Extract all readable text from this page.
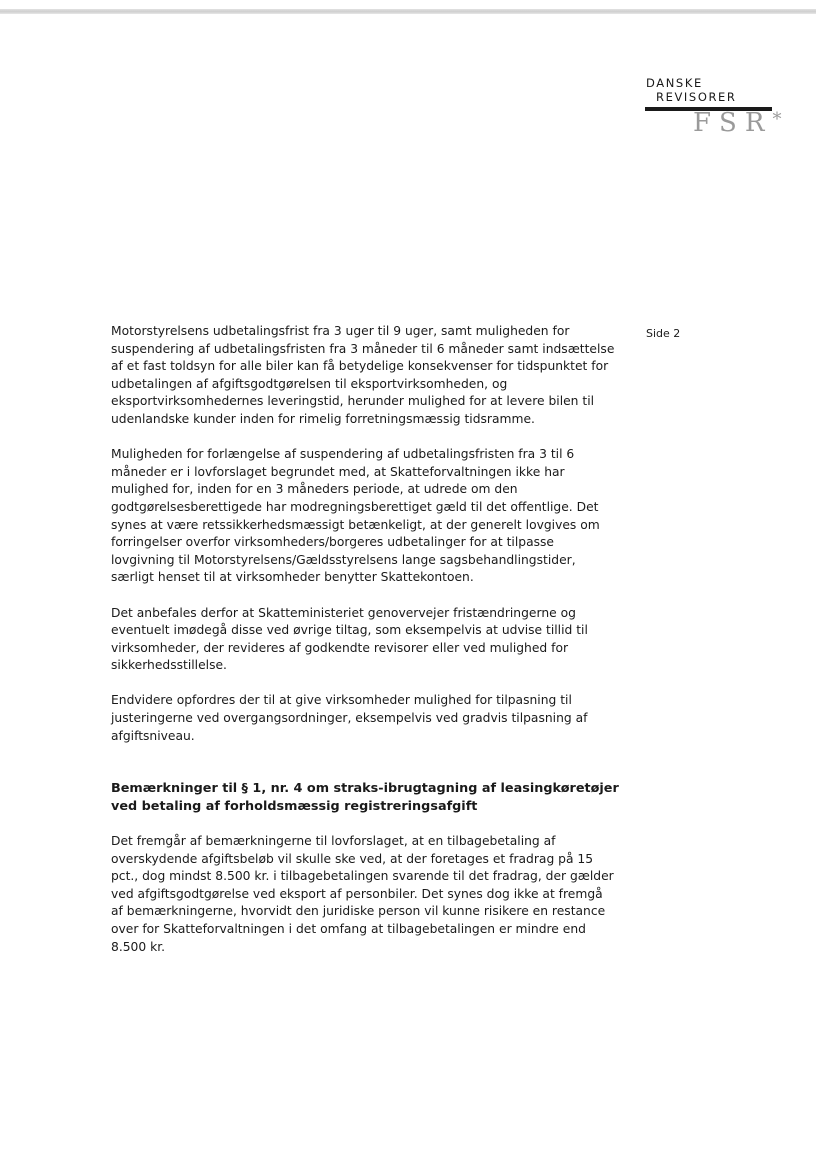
DANSKE
REVISORER
FSR*
Side 2
Motorstyrelsens udbetalingsfrist fra 3 uger til 9 uger, samt muligheden for
suspendering af udbetalingsfristen fra 3 måneder til 6 måneder samt indsættelse
af et fast toldsyn for alle biler kan få betydelige konsekvenser for tidspunktet for
udbetalingen af afgiftsgodtgørelsen til eksportvirksomheden, og
eksportvirksomhedernes leveringstid, herunder mulighed for at levere bilen til
udenlandske kunder inden for rimelig forretningsmæssig tidsramme.
Muligheden for forlængelse af suspendering af udbetalingsfristen fra 3 til 6
måneder er i lovforslaget begrundet med, at Skatteforvaltningen ikke har
mulighed for, inden for en 3 måneders periode, at udrede om den
godtgørelsesberettigede har modregningsberettiget gæld til det offentlige. Det
synes at være retssikkerhedsmæssigt betænkeligt, at der generelt lovgives om
forringelser overfor virksomheders/borgeres udbetalinger for at tilpasse
lovgivning til Motorstyrelsens/Gældsstyrelsens lange sagsbehandlingstider,
særligt henset til at virksomheder benytter Skattekontoen.
Det anbefales derfor at Skatteministeriet genovervejer fristændringerne og
eventuelt imødegå disse ved øvrige tiltag, som eksempelvis at udvise tillid til
virksomheder, der revideres af godkendte revisorer eller ved mulighed for
sikkerhedsstillelse.
Endvidere opfordres der til at give virksomheder mulighed for tilpasning til
justeringerne ved overgangsordninger, eksempelvis ved gradvis tilpasning af
afgiftsniveau.
Bemærkninger til § 1, nr. 4 om straks-ibrugtagning af leasingkøretøjer
ved betaling af forholdsmæssig registreringsafgift
Det fremgår af bemærkningerne til lovforslaget, at en tilbagebetaling af
overskydende afgiftsbeløb vil skulle ske ved, at der foretages et fradrag på 15
pct., dog mindst 8.500 kr. i tilbagebetalingen svarende til det fradrag, der gælder
ved afgiftsgodtgørelse ved eksport af personbiler. Det synes dog ikke at fremgå
af bemærkningerne, hvorvidt den juridiske person vil kunne risikere en restance
over for Skatteforvaltningen i det omfang at tilbagebetalingen er mindre end
8.500 kr.
